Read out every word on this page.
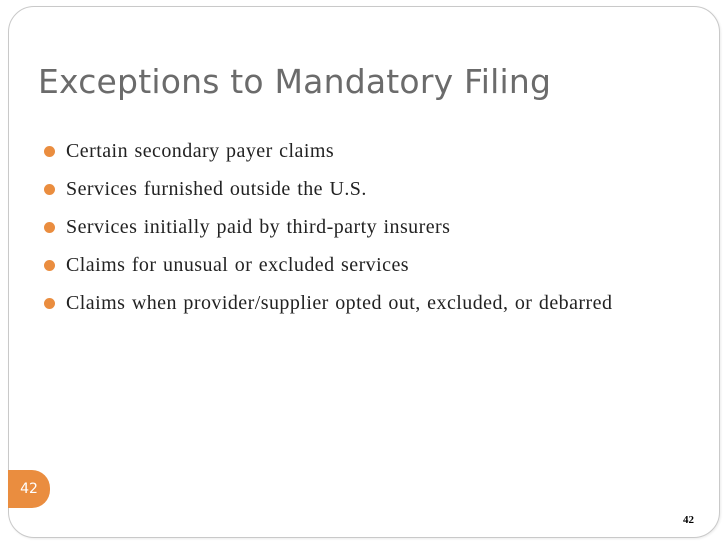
Exceptions to Mandatory Filing
Certain secondary payer claims
Services furnished outside the U.S.
Services initially paid by third-party insurers
Claims for unusual or excluded services
Claims when provider/supplier opted out, excluded, or debarred
42
42
